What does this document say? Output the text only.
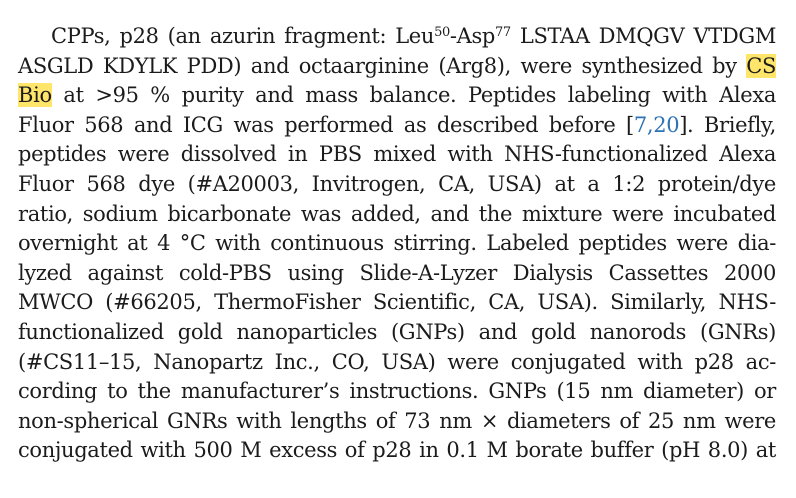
CPPs, p28 (an azurin fragment: Leu$^{50}$-Asp$^{77}$ LSTAA DMQGV VTDGM
ASGLD KDYLK PDD) and octaarginine (Arg8), were synthesized by CS
Bio at >95 % purity and mass balance. Peptides labeling with Alexa
Fluor 568 and ICG was performed as described before [7,20]. Briefly,
peptides were dissolved in PBS mixed with NHS-functionalized Alexa
Fluor 568 dye (#A20003, Invitrogen, CA, USA) at a 1:2 protein/dye
ratio, sodium bicarbonate was added, and the mixture were incubated
overnight at 4 °C with continuous stirring. Labeled peptides were dia-
lyzed against cold-PBS using Slide-A-Lyzer Dialysis Cassettes 2000
MWCO (#66205, ThermoFisher Scientific, CA, USA). Similarly, NHS-
functionalized gold nanoparticles (GNPs) and gold nanorods (GNRs)
(#CS11–15, Nanopartz Inc., CO, USA) were conjugated with p28 ac-
cording to the manufacturer’s instructions. GNPs (15 nm diameter) or
non-spherical GNRs with lengths of 73 nm × diameters of 25 nm were
conjugated with 500 M excess of p28 in 0.1 M borate buffer (pH 8.0) at
